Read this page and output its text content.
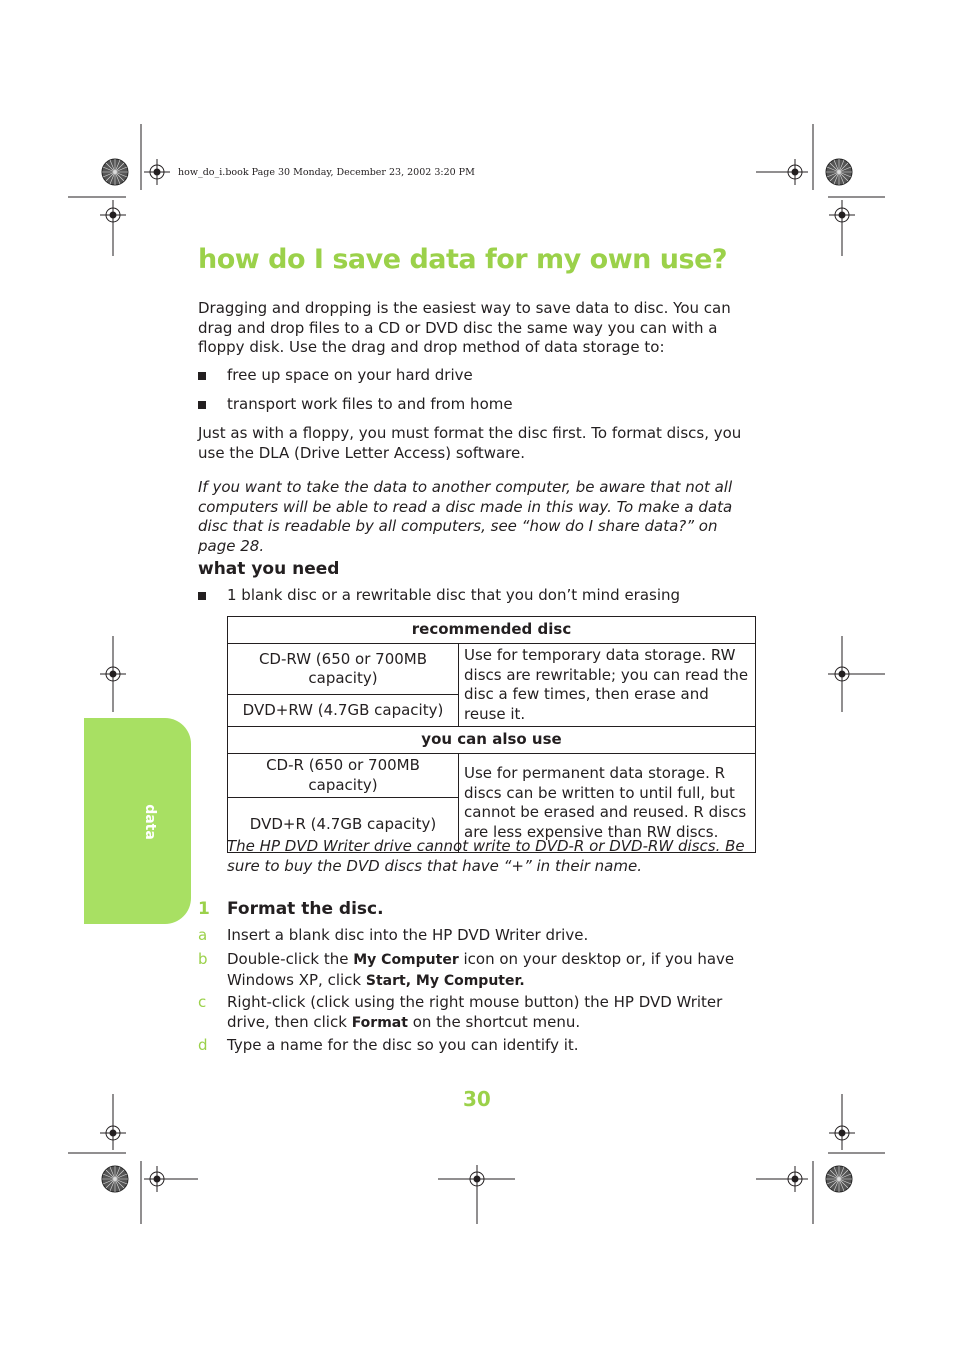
how_do_i.book Page 30 Monday, December 23, 2002 3:20 PM
data
how do I save data for my own use?

Dragging and dropping is the easiest way to save data to disc. You can drag and drop files to a CD or DVD disc the same way you can with a floppy disk. Use the drag and drop method of data storage to:

free up space on your hard drive
transport work files to and from home

Just as with a floppy, you must format the disc first. To format discs, you use the DLA (Drive Letter Access) software.

If you want to take the data to another computer, be aware that not all computers will be able to read a disc made in this way. To make a data disc that is readable by all computers, see “how do I share data?” on page 28.

what you need
1 blank disc or a rewritable disc that you don’t mind erasing
recommended disc	
CD-RW (650 or 700MB capacity)	Use for temporary data storage. RW discs are rewritable; you can read the disc a few times, then erase and reuse it.
DVD+RW (4.7GB capacity)	
you can also use	
CD-R (650 or 700MB capacity)	Use for permanent data storage. R discs can be written to until full, but cannot be erased and reused. R discs are less expensive than RW discs.
DVD+R (4.7GB capacity)	

The HP DVD Writer drive cannot write to DVD-R or DVD-RW discs. Be sure to buy the DVD discs that have “+” in their name.

1 Format the disc.
a Insert a blank disc into the HP DVD Writer drive.
b Double-click the My Computer icon on your desktop or, if you have Windows XP, click Start, My Computer.
c Right-click (click using the right mouse button) the HP DVD Writer drive, then click Format on the shortcut menu.
d Type a name for the disc so you can identify it.
30
